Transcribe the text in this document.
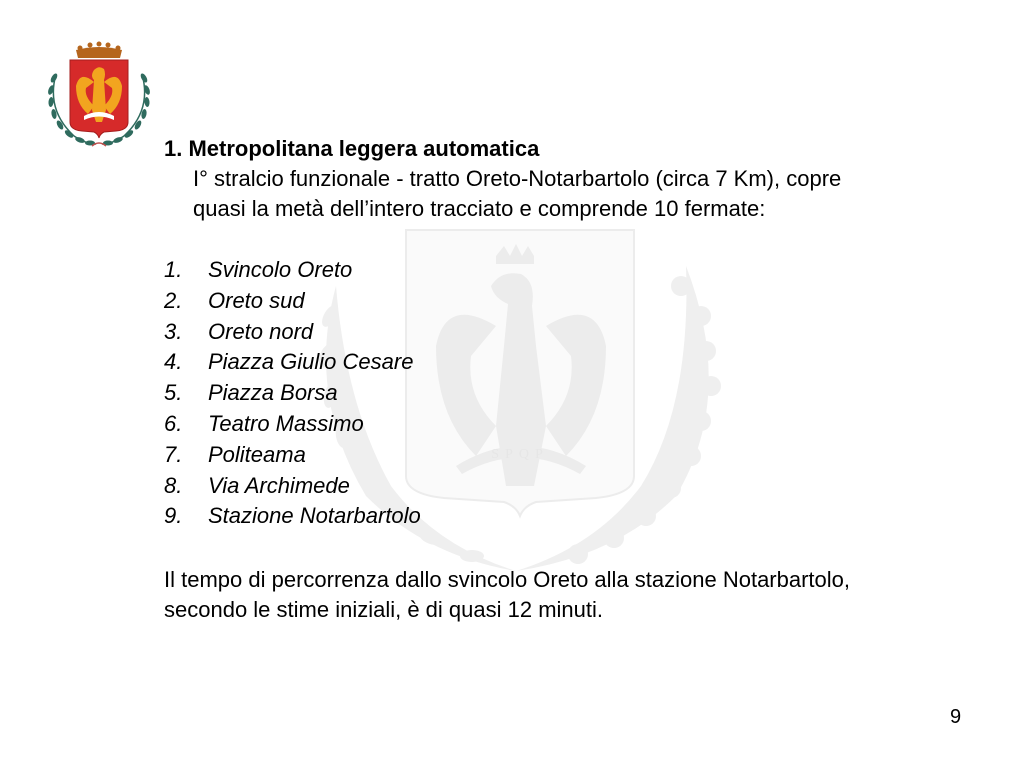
SPQP

1. Metropolitana leggera automatica

I° stralcio funzionale - tratto Oreto-Notarbartolo (circa 7 Km), copre
quasi la metà dell’intero tracciato e comprende 10 fermate:
1.	Svincolo Oreto
2.	Oreto sud
3.	Oreto nord
4.	Piazza Giulio Cesare
5.	Piazza Borsa
6.	Teatro Massimo
7.	Politeama
8.	Via Archimede
9.	Stazione Notarbartolo
Il tempo di percorrenza dallo svincolo Oreto alla stazione Notarbartolo,
secondo le stime iniziali, è di quasi 12 minuti.
9
